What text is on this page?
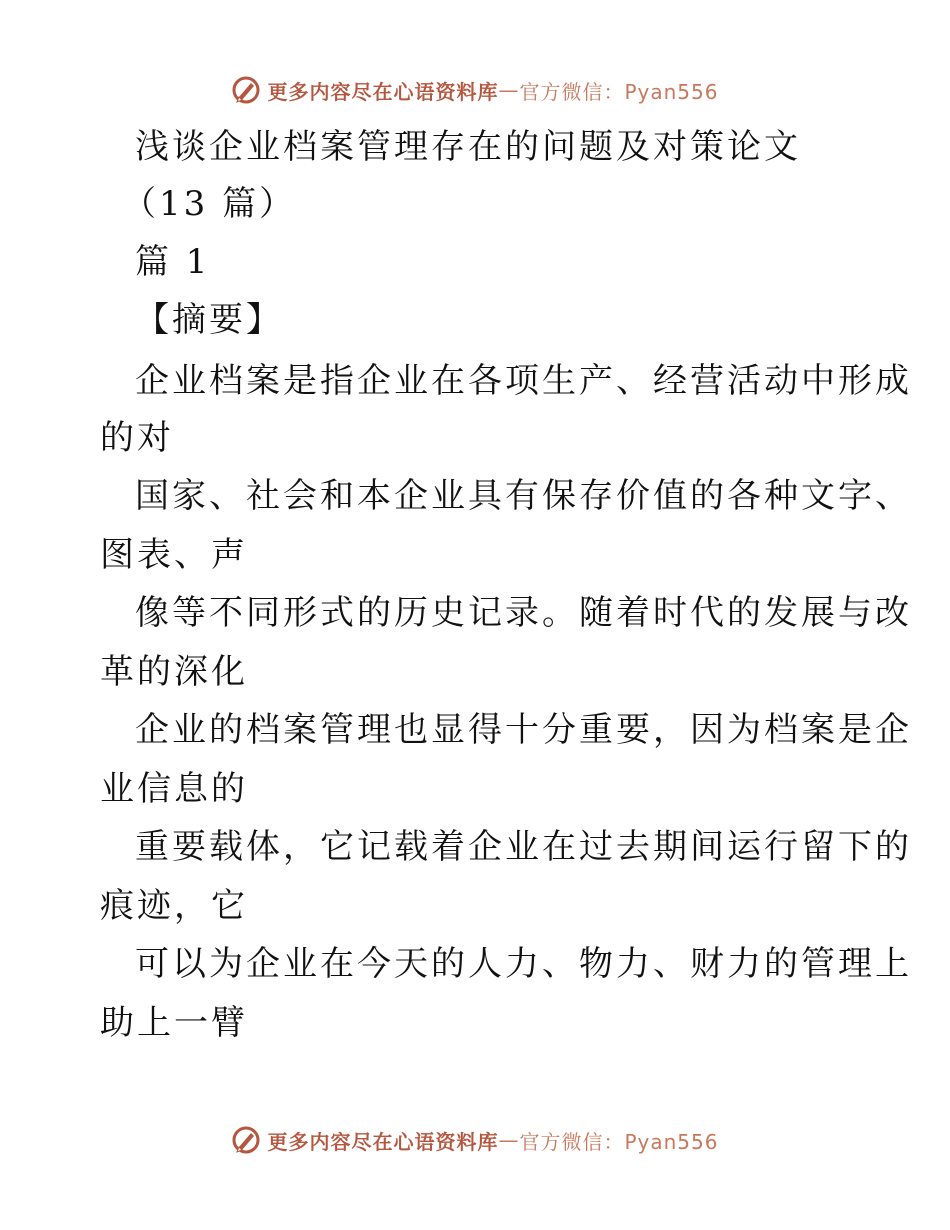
更多内容尽在心语资料库 — 官方微信：Pyan556
浅谈企业档案管理存在的问题及对策论文
（13 篇）
篇 1
【摘要】
企业档案是指企业在各项生产、经营活动中形成
的对
国家、社会和本企业具有保存价值的各种文字、
图表、声
像等不同形式的历史记录。随着时代的发展与改
革的深化
企业的档案管理也显得十分重要，因为档案是企
业信息的
重要载体，它记载着企业在过去期间运行留下的
痕迹，它
可以为企业在今天的人力、物力、财力的管理上
助上一臂
更多内容尽在心语资料库 — 官方微信：Pyan556
